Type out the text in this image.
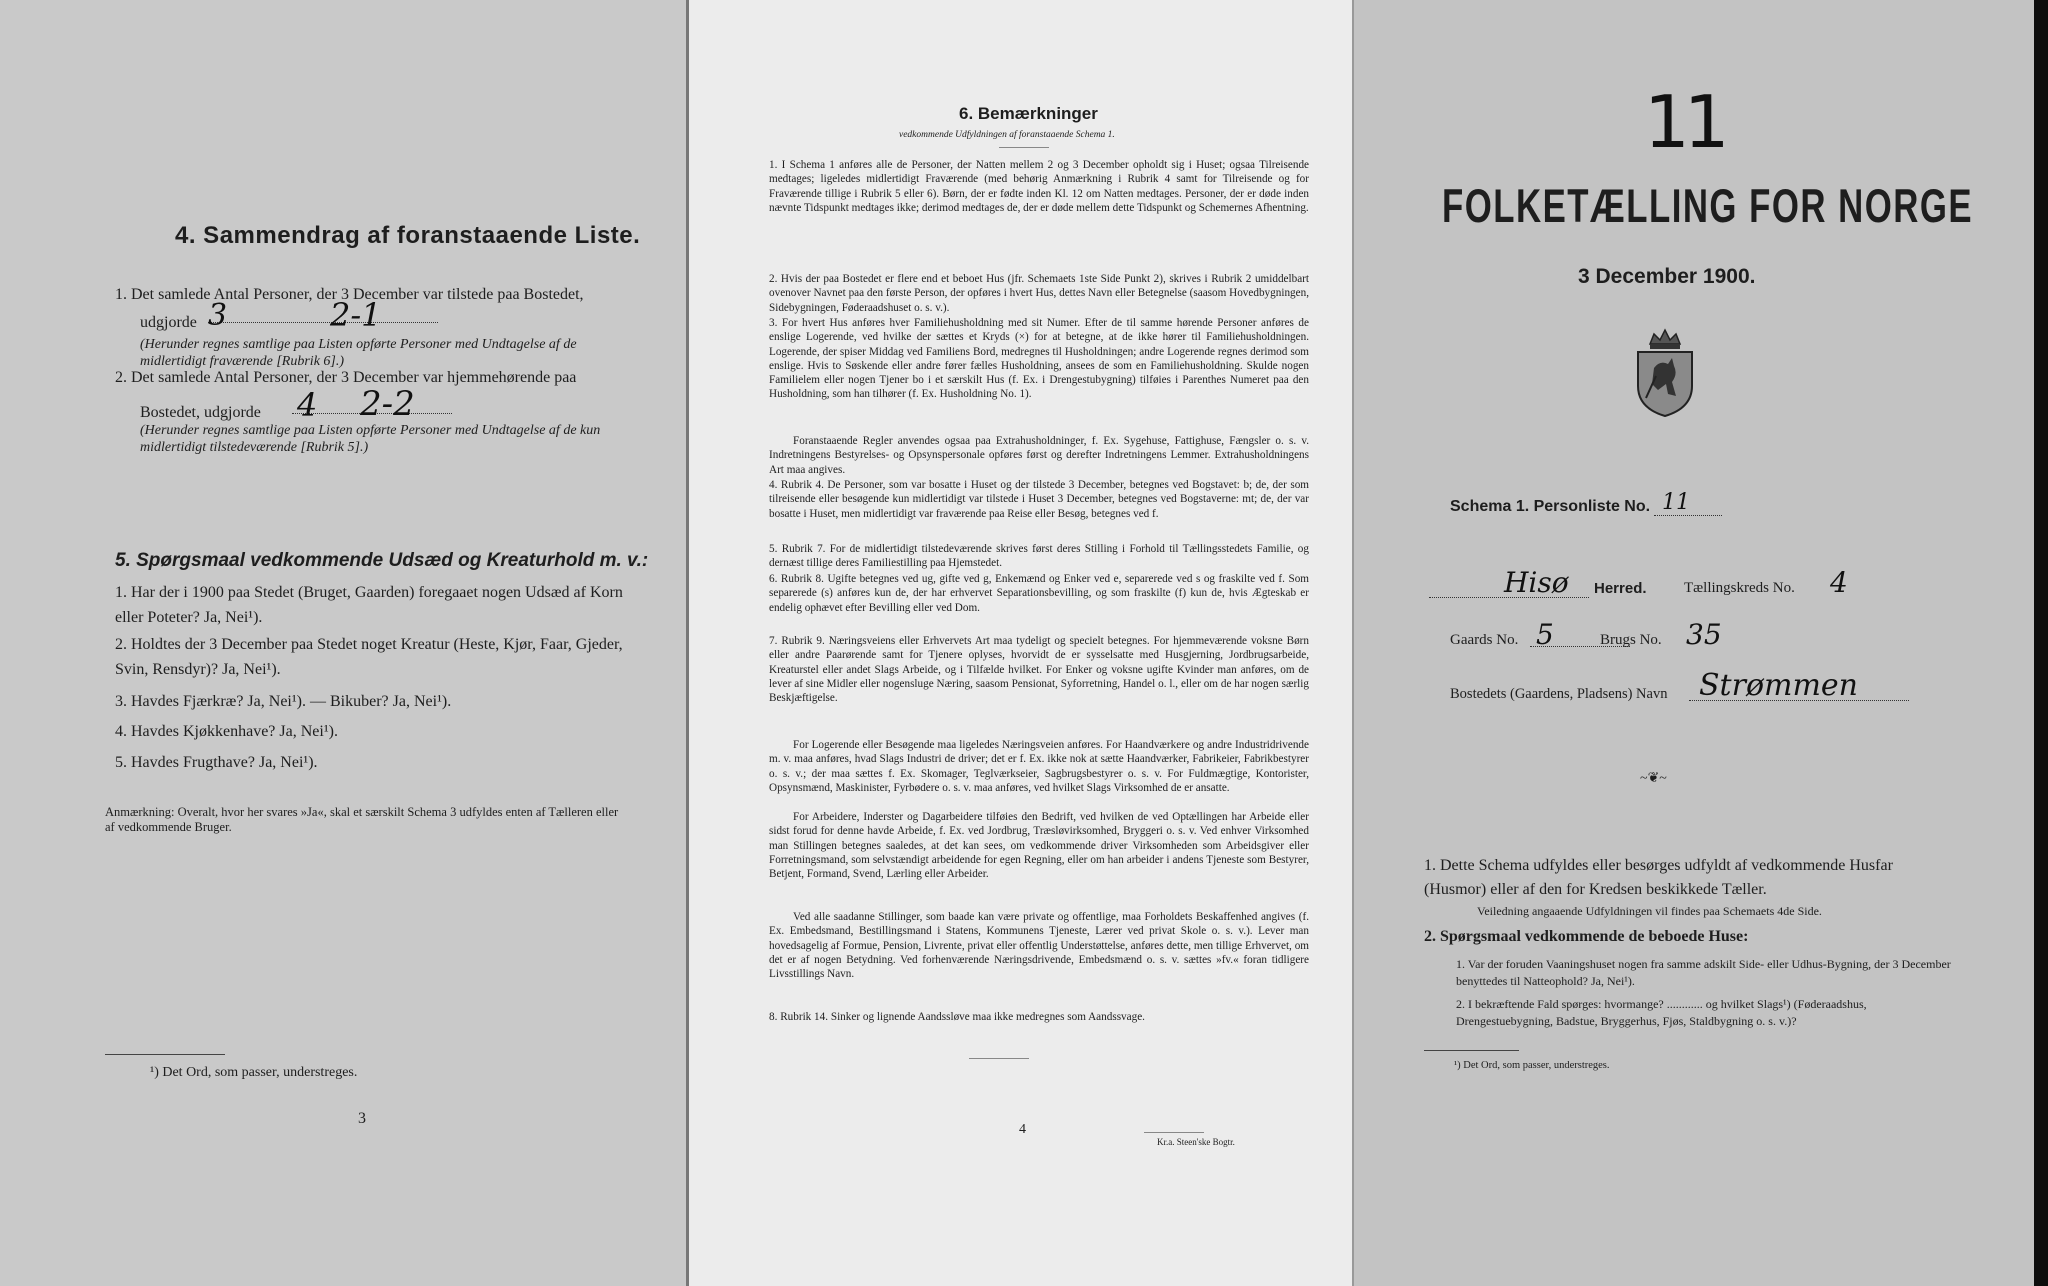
4. Sammendrag af foranstaaende Liste.
1. Det samlede Antal Personer, der 3 December var tilstede paa Bostedet,
udgjorde 3	2-1
(Herunder regnes samtlige paa Listen opførte Personer med Undtagelse af de midlertidigt fraværende [Rubrik 6].)
2. Det samlede Antal Personer, der 3 December var hjemmehørende paa
Bostedet, udgjorde 4 2-2
(Herunder regnes samtlige paa Listen opførte Personer med Undtagelse af de kun midlertidigt tilstedeværende [Rubrik 5].)
5. Spørgsmaal vedkommende Udsæd og Kreaturhold m. v.:
1. Har der i 1900 paa Stedet (Bruget, Gaarden) foregaaet nogen Udsæd af Korn eller Poteter? Ja, Nei¹).
2. Holdtes der 3 December paa Stedet noget Kreatur (Heste, Kjør, Faar, Gjeder, Svin, Rensdyr)? Ja, Nei¹).
3. Havdes Fjærkræ? Ja, Nei¹). — Bikuber? Ja, Nei¹).
4. Havdes Kjøkkenhave? Ja, Nei¹).
5. Havdes Frugthave? Ja, Nei¹).
Anmærkning: Overalt, hvor her svares »Ja«, skal et særskilt Schema 3 udfyldes enten af Tælleren eller af vedkommende Bruger.
¹) Det Ord, som passer, understreges.
3
6. Bemærkninger
vedkommende Udfyldningen af foranstaaende Schema 1.
1. I Schema 1 anføres alle de Personer, der Natten mellem 2 og 3 December opholdt sig i Huset; ogsaa Tilreisende medtages; ligeledes midlertidigt Fraværende (med behørig Anmærkning i Rubrik 4 samt for Tilreisende og for Fraværende tillige i Rubrik 5 eller 6). Børn, der er fødte inden Kl. 12 om Natten medtages. Personer, der er døde inden nævnte Tidspunkt medtages ikke; derimod medtages de, der er døde mellem dette Tidspunkt og Schemernes Afhentning.
2. Hvis der paa Bostedet er flere end et beboet Hus (jfr. Schemaets 1ste Side Punkt 2), skrives i Rubrik 2 umiddelbart ovenover Navnet paa den første Person, der opføres i hvert Hus, dettes Navn eller Betegnelse (saasom Hovedbygningen, Sidebygningen, Føderaadshuset o. s. v.).
3. For hvert Hus anføres hver Familiehusholdning med sit Numer. Efter de til samme hørende Personer anføres de enslige Logerende, ved hvilke der sættes et Kryds (×) for at betegne, at de ikke hører til Familiehusholdningen. Logerende, der spiser Middag ved Familiens Bord, medregnes til Husholdningen; andre Logerende regnes derimod som enslige. Hvis to Søskende eller andre fører fælles Husholdning, ansees de som en Familiehusholdning. Skulde nogen Familielem eller nogen Tjener bo i et særskilt Hus (f. Ex. i Drengestubygning) tilføies i Parenthes Numeret paa den Husholdning, som han tilhører (f. Ex. Husholdning No. 1).
Foranstaaende Regler anvendes ogsaa paa Extrahusholdninger, f. Ex. Sygehuse, Fattighuse, Fængsler o. s. v. Indretningens Bestyrelses- og Opsynspersonale opføres først og derefter Indretningens Lemmer. Extrahusholdningens Art maa angives.
4. Rubrik 4. De Personer, som var bosatte i Huset og der tilstede 3 December, betegnes ved Bogstavet: b; de, der som tilreisende eller besøgende kun midlertidigt var tilstede i Huset 3 December, betegnes ved Bogstaverne: mt; de, der var bosatte i Huset, men midlertidigt var fraværende paa Reise eller Besøg, betegnes ved f.
5. Rubrik 7. For de midlertidigt tilstedeværende skrives først deres Stilling i Forhold til Tællingsstedets Familie, og dernæst tillige deres Familiestilling paa Hjemstedet.
6. Rubrik 8. Ugifte betegnes ved ug, gifte ved g, Enkemænd og Enker ved e, separerede ved s og fraskilte ved f. Som separerede (s) anføres kun de, der har erhvervet Separationsbevilling, og som fraskilte (f) kun de, hvis Ægteskab er endelig ophævet efter Bevilling eller ved Dom.
7. Rubrik 9. Næringsveiens eller Erhvervets Art maa tydeligt og specielt betegnes. For hjemmeværende voksne Børn eller andre Paarørende samt for Tjenere oplyses, hvorvidt de er sysselsatte med Husgjerning, Jordbrugsarbeide, Kreaturstel eller andet Slags Arbeide, og i Tilfælde hvilket. For Enker og voksne ugifte Kvinder man anføres, om de lever af sine Midler eller nogensluge Næring, saasom Pensionat, Syforretning, Handel o. l., eller om de har nogen særlig Beskjæftigelse.
For Logerende eller Besøgende maa ligeledes Næringsveien anføres. For Haandværkere og andre Industridrivende m. v. maa anføres, hvad Slags Industri de driver; det er f. Ex. ikke nok at sætte Haandværker, Fabrikeier, Fabrikbestyrer o. s. v.; der maa sættes f. Ex. Skomager, Teglværkseier, Sagbrugsbestyrer o. s. v. For Fuldmægtige, Kontorister, Opsynsmænd, Maskinister, Fyrbødere o. s. v. maa anføres, ved hvilket Slags Virksomhed de er ansatte.
For Arbeidere, Inderster og Dagarbeidere tilføies den Bedrift, ved hvilken de ved Optællingen har Arbeide eller sidst forud for denne havde Arbeide, f. Ex. ved Jordbrug, Træsløvirksomhed, Bryggeri o. s. v. Ved enhver Virksomhed man Stillingen betegnes saaledes, at det kan sees, om vedkommende driver Virksomheden som Arbeidsgiver eller Forretningsmand, som selvstændigt arbeidende for egen Regning, eller om han arbeider i andens Tjeneste som Bestyrer, Betjent, Formand, Svend, Lærling eller Arbeider.
Ved alle saadanne Stillinger, som baade kan være private og offentlige, maa Forholdets Beskaffenhed angives (f. Ex. Embedsmand, Bestillingsmand i Statens, Kommunens Tjeneste, Lærer ved privat Skole o. s. v.). Lever man hovedsagelig af Formue, Pension, Livrente, privat eller offentlig Understøttelse, anføres dette, men tillige Erhvervet, om det er af nogen Betydning. Ved forhenværende Næringsdrivende, Embedsmænd o. s. v. sættes »fv.« foran tidligere Livsstillings Navn.
8. Rubrik 14. Sinker og lignende Aandssløve maa ikke medregnes som Aandssvage.
4
Kr.a. Steen'ske Bogtr.
11
FOLKETÆLLING FOR NORGE
3 December 1900.
Schema 1. Personliste No. 11
Hisø Herred. Tællingskreds No. 4
Gaards No. 5	Brugs No. 35
Bostedets (Gaardens, Pladsens) Navn Strømmen
~❦~
1. Dette Schema udfyldes eller besørges udfyldt af vedkommende Husfar (Husmor) eller af den for Kredsen beskikkede Tæller.
Veiledning angaaende Udfyldningen vil findes paa Schemaets 4de Side.
2. Spørgsmaal vedkommende de beboede Huse:
1. Var der foruden Vaaningshuset nogen fra samme adskilt Side- eller Udhus-Bygning, der 3 December benyttedes til Natteophold? Ja, Nei¹).
2. I bekræftende Fald spørges: hvormange? ............ og hvilket Slags¹) (Føderaadshus, Drengestuebygning, Badstue, Bryggerhus, Fjøs, Staldbygning o. s. v.)?
¹) Det Ord, som passer, understreges.
